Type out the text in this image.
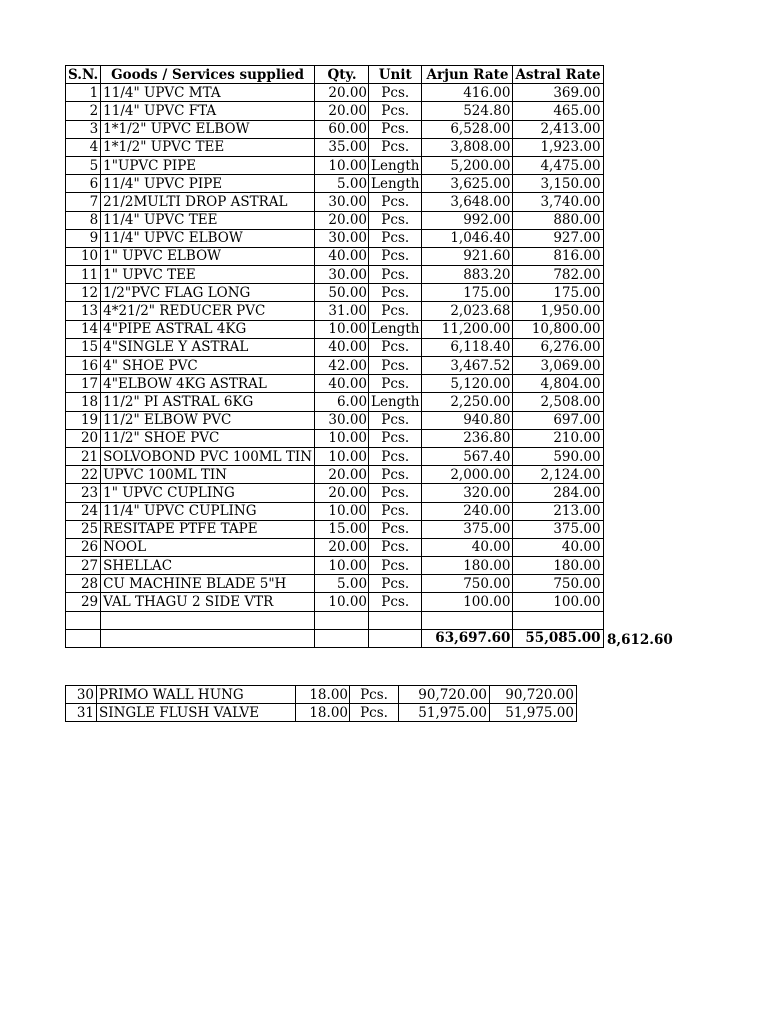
S.N.	Goods / Services supplied	Qty.	Unit	Arjun Rate	Astral Rate
1	11/4" UPVC MTA	20.00	Pcs.	416.00	369.00
2	11/4" UPVC FTA	20.00	Pcs.	524.80	465.00
3	1*1/2" UPVC ELBOW	60.00	Pcs.	6,528.00	2,413.00
4	1*1/2" UPVC TEE	35.00	Pcs.	3,808.00	1,923.00
5	1"UPVC PIPE	10.00	Length	5,200.00	4,475.00
6	11/4" UPVC PIPE	5.00	Length	3,625.00	3,150.00
7	21/2MULTI DROP ASTRAL	30.00	Pcs.	3,648.00	3,740.00
8	11/4" UPVC TEE	20.00	Pcs.	992.00	880.00
9	11/4" UPVC ELBOW	30.00	Pcs.	1,046.40	927.00
10	1" UPVC ELBOW	40.00	Pcs.	921.60	816.00
11	1" UPVC TEE	30.00	Pcs.	883.20	782.00
12	1/2"PVC FLAG LONG	50.00	Pcs.	175.00	175.00
13	4*21/2" REDUCER PVC	31.00	Pcs.	2,023.68	1,950.00
14	4"PIPE ASTRAL 4KG	10.00	Length	11,200.00	10,800.00
15	4"SINGLE Y ASTRAL	40.00	Pcs.	6,118.40	6,276.00
16	4" SHOE PVC	42.00	Pcs.	3,467.52	3,069.00
17	4"ELBOW 4KG ASTRAL	40.00	Pcs.	5,120.00	4,804.00
18	11/2" PI ASTRAL 6KG	6.00	Length	2,250.00	2,508.00
19	11/2" ELBOW PVC	30.00	Pcs.	940.80	697.00
20	11/2" SHOE PVC	10.00	Pcs.	236.80	210.00
21	SOLVOBOND PVC 100ML TIN	10.00	Pcs.	567.40	590.00
22	UPVC 100ML TIN	20.00	Pcs.	2,000.00	2,124.00
23	1" UPVC CUPLING	20.00	Pcs.	320.00	284.00
24	11/4" UPVC CUPLING	10.00	Pcs.	240.00	213.00
25	RESITAPE PTFE TAPE	15.00	Pcs.	375.00	375.00
26	NOOL	20.00	Pcs.	40.00	40.00
27	SHELLAC	10.00	Pcs.	180.00	180.00
28	CU MACHINE BLADE 5"H	5.00	Pcs.	750.00	750.00
29	VAL THAGU 2 SIDE VTR	10.00	Pcs.	100.00	100.00

				63,697.60	55,085.00 8,612.60
30	PRIMO WALL HUNG	18.00	Pcs.	90,720.00	90,720.00
31	SINGLE FLUSH VALVE	18.00	Pcs.	51,975.00	51,975.00
